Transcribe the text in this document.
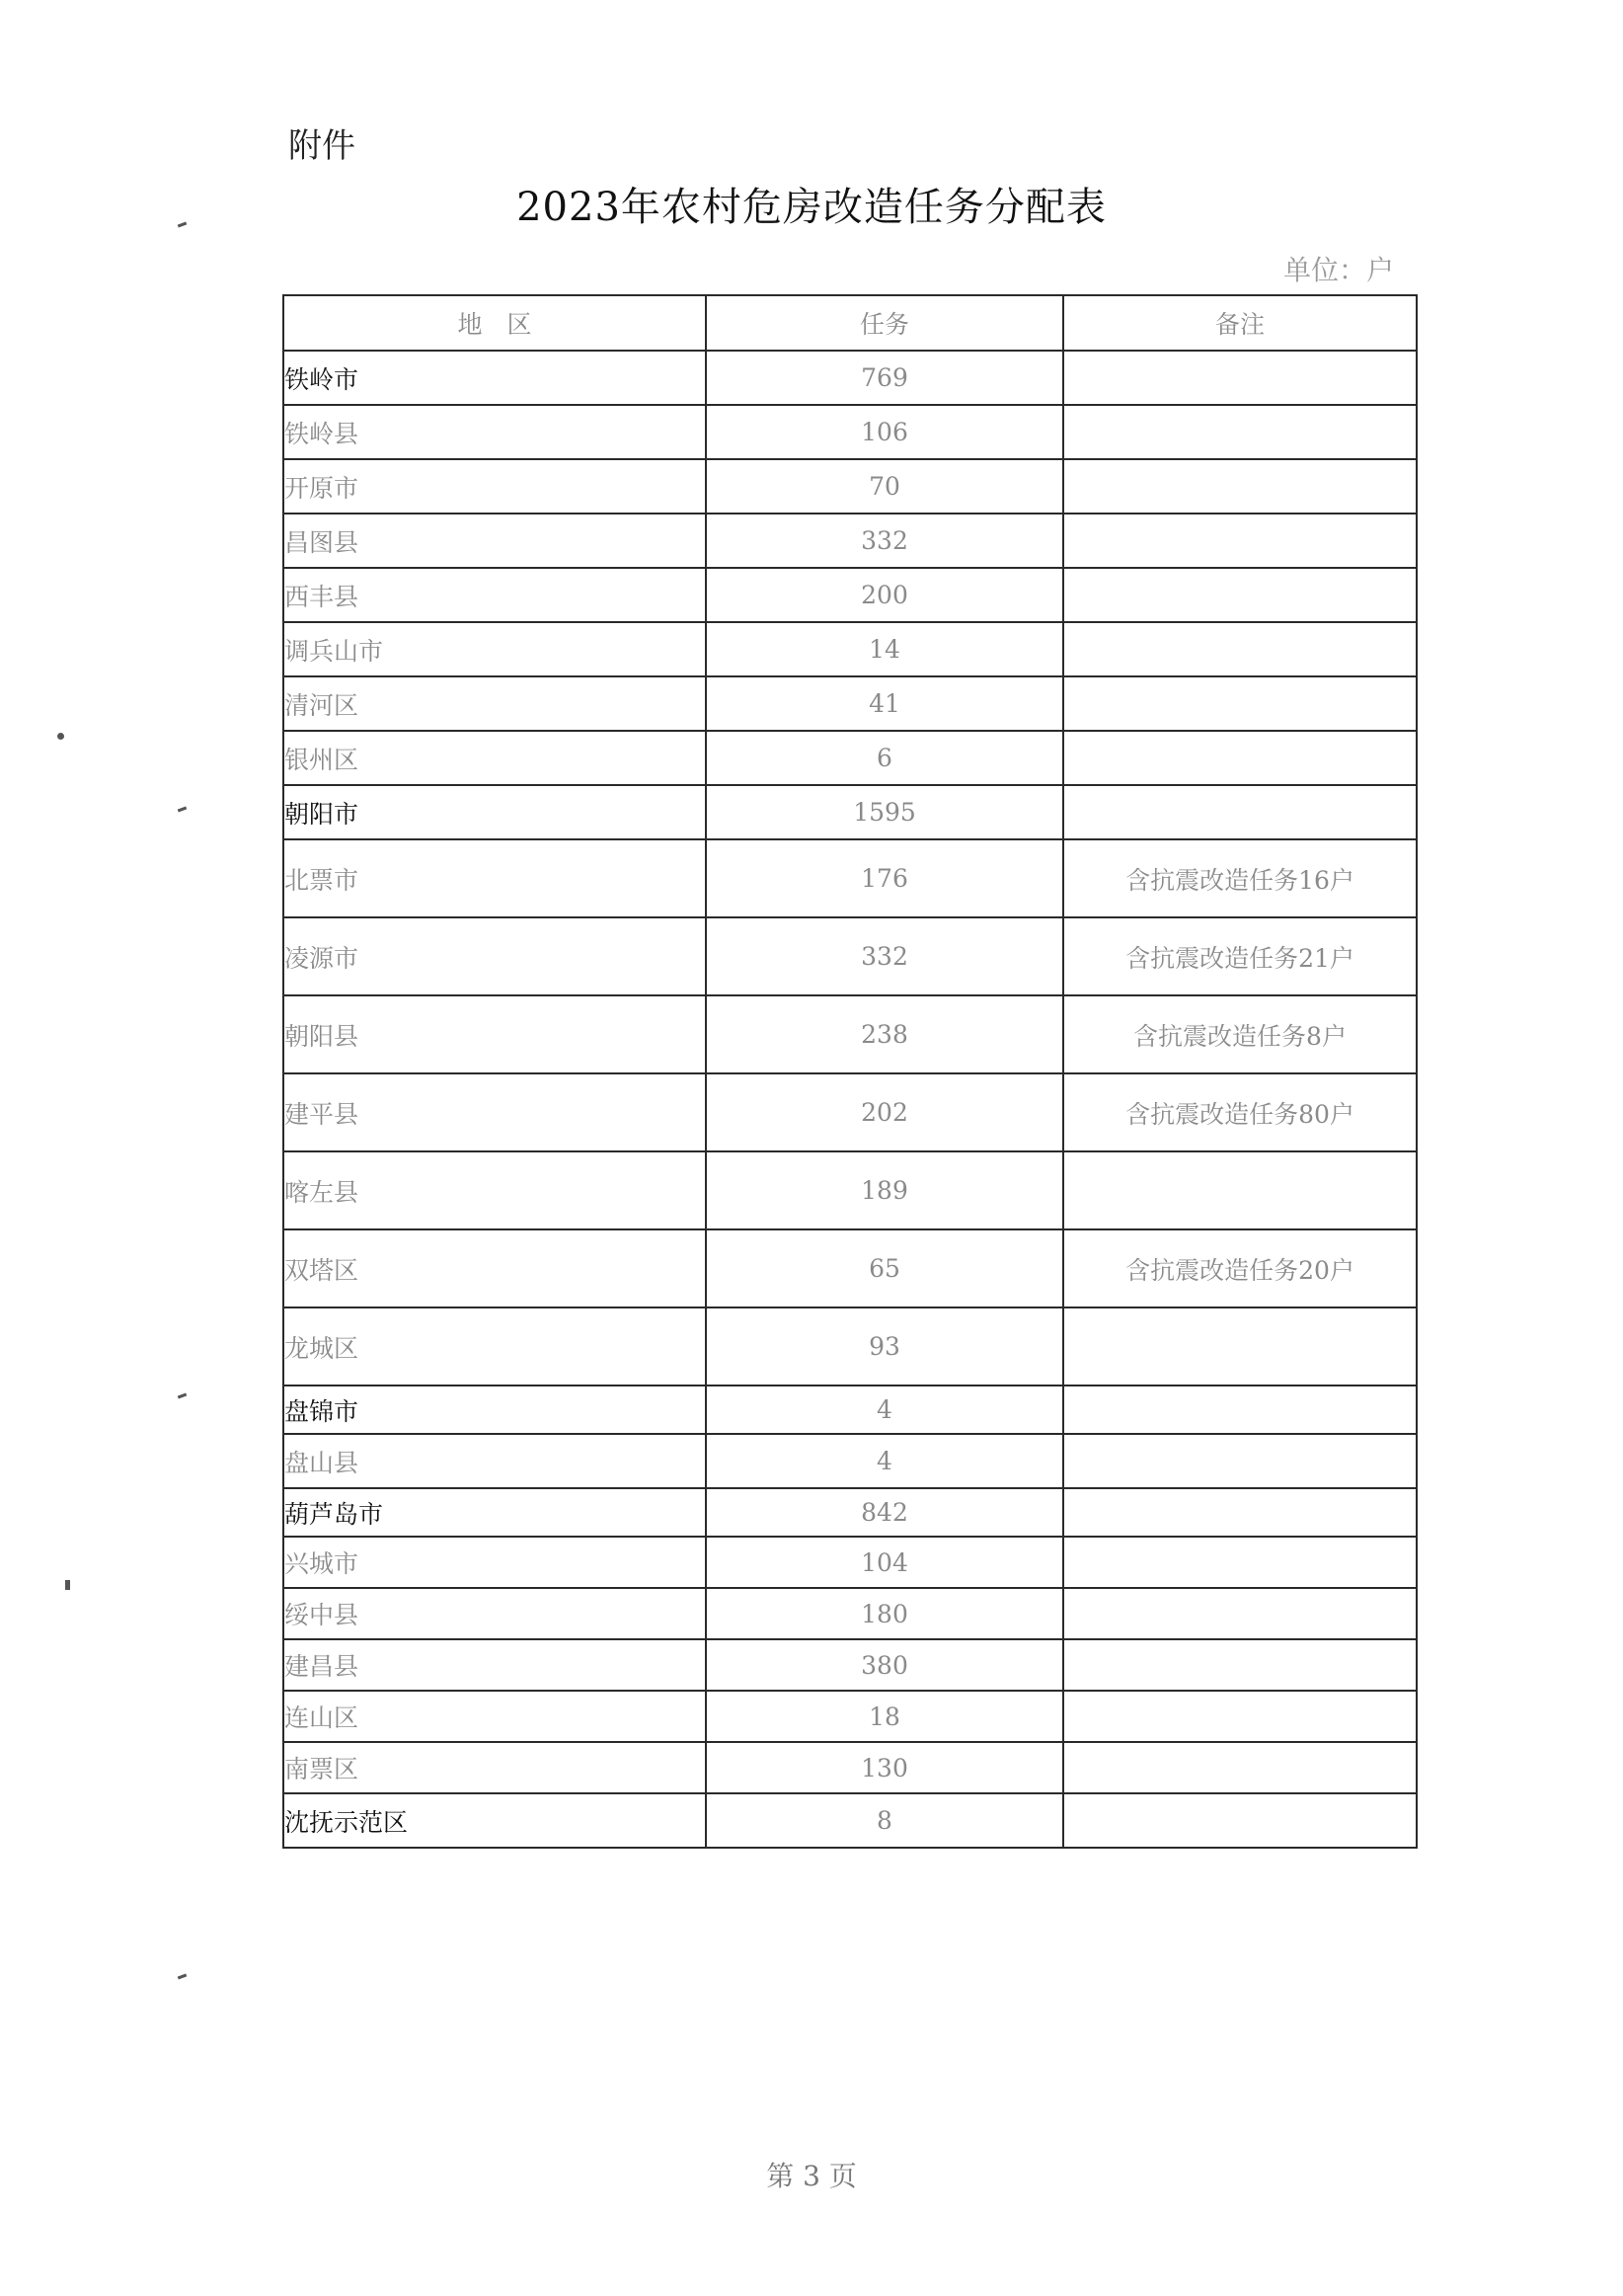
附件
2023年农村危房改造任务分配表
单位：户
地　区	任务	备注
铁岭市	769	
铁岭县	106	
开原市	70	
昌图县	332	
西丰县	200	
调兵山市	14	
清河区	41	
银州区	6	
朝阳市	1595	
北票市	176	含抗震改造任务16户
凌源市	332	含抗震改造任务21户
朝阳县	238	含抗震改造任务8户
建平县	202	含抗震改造任务80户
喀左县	189	
双塔区	65	含抗震改造任务20户
龙城区	93	
盘锦市	4	
盘山县	4	
葫芦岛市	842	
兴城市	104	
绥中县	180	
建昌县	380	
连山区	18	
南票区	130	
沈抚示范区	8	
第 3 页
